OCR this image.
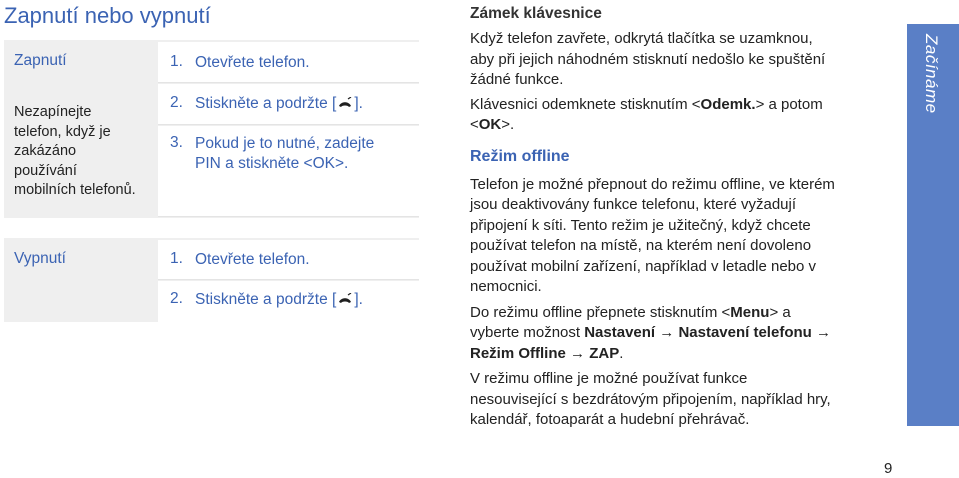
Zapnutí nebo vypnutí
Zapnutí
Nezapínejte
telefon, když je
zakázáno
používání
mobilních telefonů.
1. Otevřete telefon.
2. Stiskněte a podržte [ ].
3. Pokud je to nutné, zadejte
PIN a stiskněte <OK>.
Vypnutí	1. Otevřete telefon.
2. Stiskněte a podržte [ ].
Zámek klávesnice

Když telefon zavřete, odkrytá tlačítka se uzamknou,
aby při jejich náhodném stisknutí nedošlo ke spuštění
žádné funkce.

Klávesnici odemknete stisknutím <Odemk.> a potom
<OK>.

Režim offline

Telefon je možné přepnout do režimu offline, ve kterém
jsou deaktivovány funkce telefonu, které vyžadují
připojení k síti. Tento režim je užitečný, když chcete
používat telefon na místě, na kterém není dovoleno
používat mobilní zařízení, například v letadle nebo v
nemocnici.

Do režimu offline přepnete stisknutím <Menu> a
vyberte možnost Nastavení → Nastavení telefonu →
Režim Offline → ZAP.

V režimu offline je možné používat funkce
nesouvisející s bezdrátovým připojením, například hry,
kalendář, fotoaparát a hudební přehrávač.

Začínáme
9
